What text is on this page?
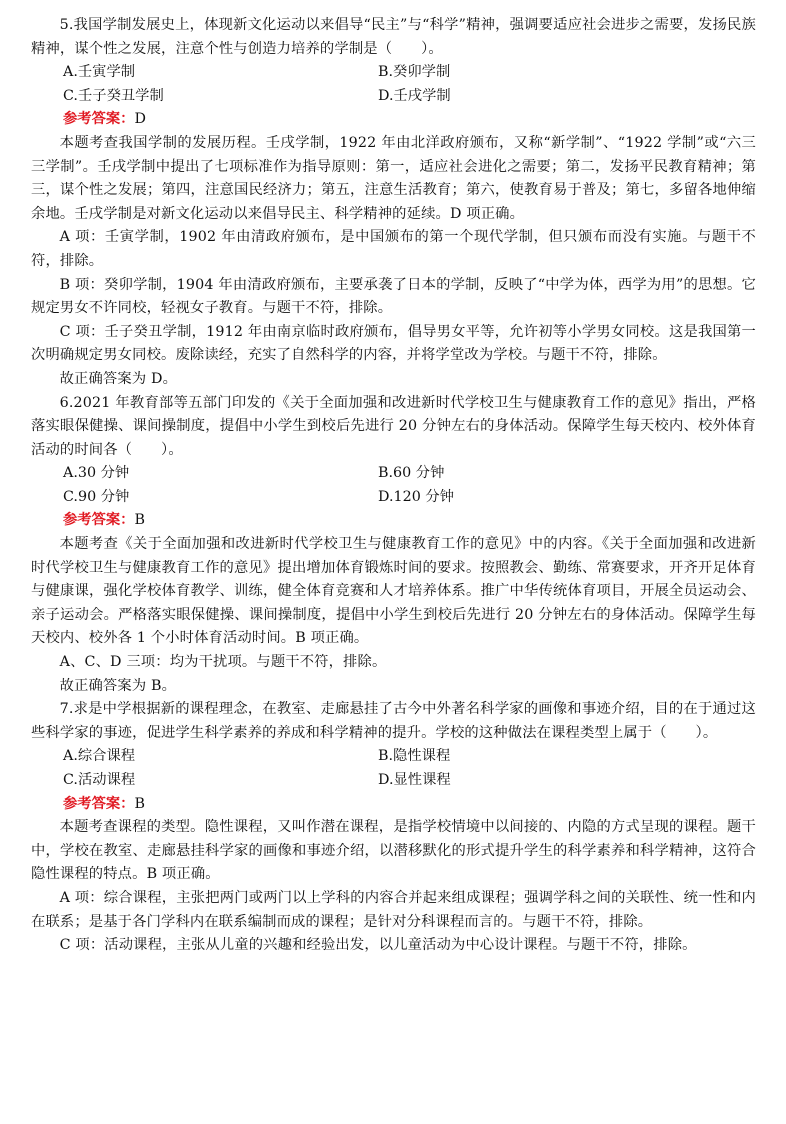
5.我国学制发展史上，体现新文化运动以来倡导“民主”与“科学”精神，强调要适应社会进步之需要，发扬民族精神，谋个性之发展，注意个性与创造力培养的学制是（　　）。

A.壬寅学制	B.癸卯学制

C.壬子癸丑学制	D.壬戌学制

参考答案：D

本题考查我国学制的发展历程。壬戌学制，1922 年由北洋政府颁布，又称“新学制”、“1922 学制”或“六三三学制”。壬戌学制中提出了七项标准作为指导原则：第一，适应社会进化之需要；第二，发扬平民教育精神；第三，谋个性之发展；第四，注意国民经济力；第五，注意生活教育；第六，使教育易于普及；第七，多留各地伸缩余地。壬戌学制是对新文化运动以来倡导民主、科学精神的延续。D 项正确。

A 项：壬寅学制，1902 年由清政府颁布，是中国颁布的第一个现代学制，但只颁布而没有实施。与题干不符，排除。

B 项：癸卯学制，1904 年由清政府颁布，主要承袭了日本的学制，反映了“中学为体，西学为用”的思想。它规定男女不许同校，轻视女子教育。与题干不符，排除。

C 项：壬子癸丑学制，1912 年由南京临时政府颁布，倡导男女平等，允许初等小学男女同校。这是我国第一次明确规定男女同校。废除读经，充实了自然科学的内容，并将学堂改为学校。与题干不符，排除。

故正确答案为 D。

6.2021 年教育部等五部门印发的《关于全面加强和改进新时代学校卫生与健康教育工作的意见》指出，严格落实眼保健操、课间操制度，提倡中小学生到校后先进行 20 分钟左右的身体活动。保障学生每天校内、校外体育活动的时间各（　　）。

A.30 分钟	B.60 分钟

C.90 分钟	D.120 分钟

参考答案：B

本题考查《关于全面加强和改进新时代学校卫生与健康教育工作的意见》中的内容。《关于全面加强和改进新时代学校卫生与健康教育工作的意见》提出增加体育锻炼时间的要求。按照教会、勤练、常赛要求，开齐开足体育与健康课，强化学校体育教学、训练，健全体育竞赛和人才培养体系。推广中华传统体育项目，开展全员运动会、亲子运动会。严格落实眼保健操、课间操制度，提倡中小学生到校后先进行 20 分钟左右的身体活动。保障学生每天校内、校外各 1 个小时体育活动时间。B 项正确。

A、C、D 三项：均为干扰项。与题干不符，排除。

故正确答案为 B。

7.求是中学根据新的课程理念，在教室、走廊悬挂了古今中外著名科学家的画像和事迹介绍，目的在于通过这些科学家的事迹，促进学生科学素养的养成和科学精神的提升。学校的这种做法在课程类型上属于（　　）。

A.综合课程	B.隐性课程

C.活动课程	D.显性课程

参考答案：B

本题考查课程的类型。隐性课程，又叫作潜在课程，是指学校情境中以间接的、内隐的方式呈现的课程。题干中，学校在教室、走廊悬挂科学家的画像和事迹介绍，以潜移默化的形式提升学生的科学素养和科学精神，这符合隐性课程的特点。B 项正确。

A 项：综合课程，主张把两门或两门以上学科的内容合并起来组成课程；强调学科之间的关联性、统一性和内在联系；是基于各门学科内在联系编制而成的课程；是针对分科课程而言的。与题干不符，排除。

C 项：活动课程，主张从儿童的兴趣和经验出发，以儿童活动为中心设计课程。与题干不符，排除。
